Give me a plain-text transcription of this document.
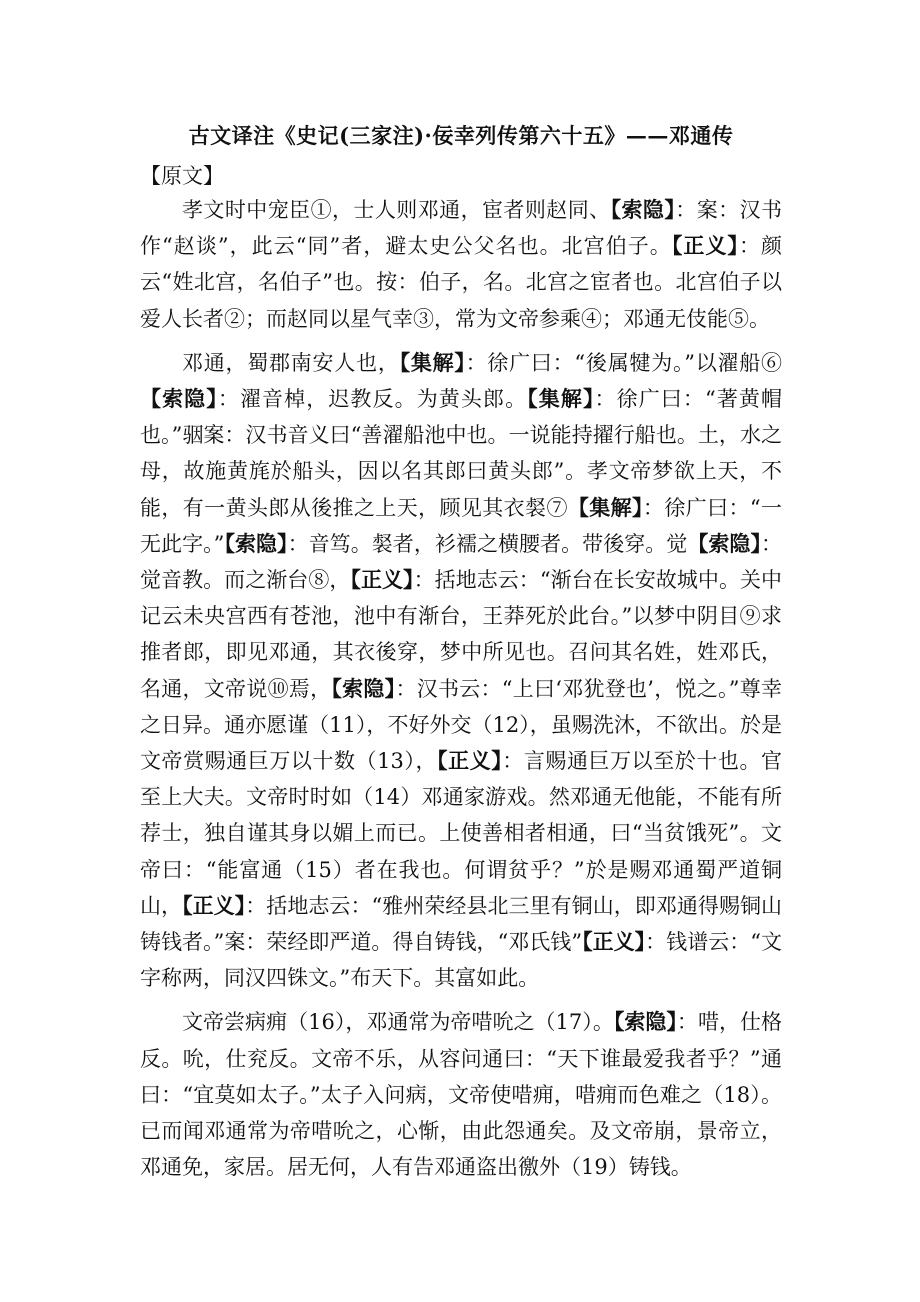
古文译注《史记(三家注)·佞幸列传第六十五》——邓通传
【原文】

孝文时中宠臣①，士人则邓通，宦者则赵同、【索隐】：案：汉书作“赵谈”，此云“同”者，避太史公父名也。北宫伯子。【正义】：颜云“姓北宫，名伯子”也。按：伯子，名。北宫之宦者也。北宫伯子以爱人长者②；而赵同以星气幸③，常为文帝参乘④；邓通无伎能⑤。

邓通，蜀郡南安人也，【集解】：徐广曰：“後属犍为。”以濯船⑥【索隐】：濯音棹，迟教反。为黄头郎。【集解】：徐广曰：“著黄帽也。”骃案：汉书音义曰“善濯船池中也。一说能持擢行船也。土，水之母，故施黄旄於船头，因以名其郎曰黄头郎”。孝文帝梦欲上天，不能，有一黄头郎从後推之上天，顾见其衣裻⑦【集解】：徐广曰：“一无此字。”【索隐】：音笃。裻者，衫襦之横腰者。带後穿。觉【索隐】：觉音教。而之渐台⑧，【正义】：括地志云：“渐台在长安故城中。关中记云未央宫西有苍池，池中有渐台，王莽死於此台。”以梦中阴目⑨求推者郎，即见邓通，其衣後穿，梦中所见也。召问其名姓，姓邓氏，名通，文帝说⑩焉，【索隐】：汉书云：“上曰‘邓犹登也’，悦之。”尊幸之日异。通亦愿谨（11），不好外交（12），虽赐洗沐，不欲出。於是文帝赏赐通巨万以十数（13），【正义】：言赐通巨万以至於十也。官至上大夫。文帝时时如（14）邓通家游戏。然邓通无他能，不能有所荐士，独自谨其身以媚上而已。上使善相者相通，曰“当贫饿死”。文帝曰：“能富通（15）者在我也。何谓贫乎？”於是赐邓通蜀严道铜山，【正义】：括地志云：“雅州荣经县北三里有铜山，即邓通得赐铜山铸钱者。”案：荣经即严道。得自铸钱，“邓氏钱”【正义】：钱谱云：“文字称两，同汉四铢文。”布天下。其富如此。

文帝尝病痈（16），邓通常为帝唶吮之（17）。【索隐】：唶，仕格反。吮，仕兖反。文帝不乐，从容问通曰：“天下谁最爱我者乎？”通曰：“宜莫如太子。”太子入问病，文帝使唶痈，唶痈而色难之（18）。已而闻邓通常为帝唶吮之，心惭，由此怨通矣。及文帝崩，景帝立，邓通免，家居。居无何，人有告邓通盗出徼外（19）铸钱。
